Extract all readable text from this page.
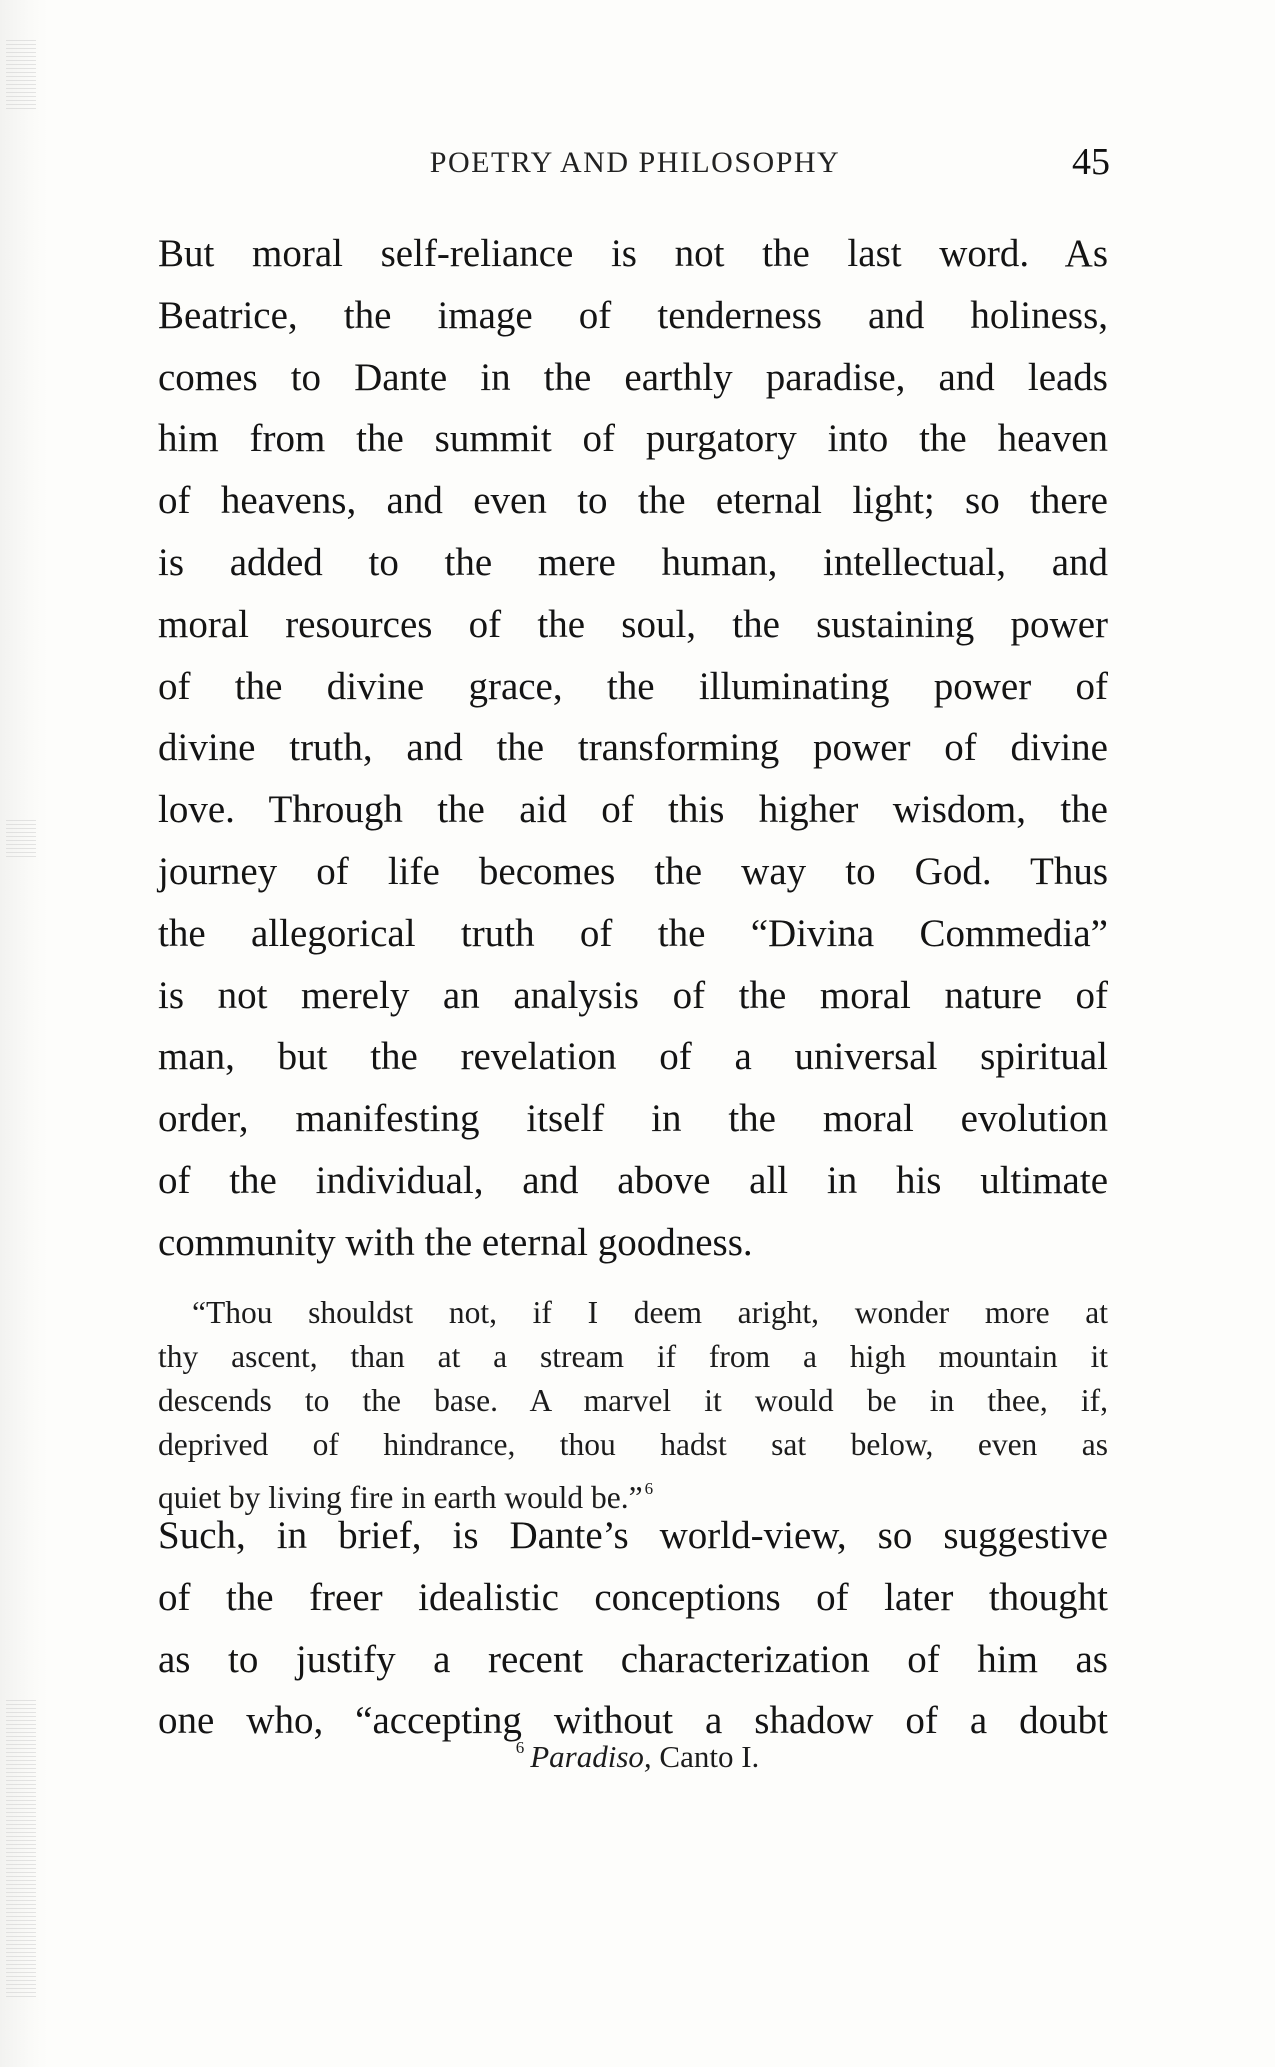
POETRY AND PHILOSOPHY	45
But moral self-reliance is not the last word. As
Beatrice, the image of tenderness and holiness,
comes to Dante in the earthly paradise, and leads
him from the summit of purgatory into the heaven
of heavens, and even to the eternal light; so there
is added to the mere human, intellectual, and
moral resources of the soul, the sustaining power
of the divine grace, the illuminating power of
divine truth, and the transforming power of divine
love. Through the aid of this higher wisdom, the
journey of life becomes the way to God. Thus
the allegorical truth of the “Divina Commedia”
is not merely an analysis of the moral nature of
man, but the revelation of a universal spiritual
order, manifesting itself in the moral evolution
of the individual, and above all in his ultimate
community with the eternal goodness.
“Thou shouldst not, if I deem aright, wonder more at
thy ascent, than at a stream if from a high mountain it
descends to the base. A marvel it would be in thee, if,
deprived of hindrance, thou hadst sat below, even as
quiet by living fire in earth would be.” $^6$
Such, in brief, is Dante’s world-view, so suggestive
of the freer idealistic conceptions of later thought
as to justify a recent characterization of him as
one who, “accepting without a shadow of a doubt
$^6$ Paradiso, Canto I.
